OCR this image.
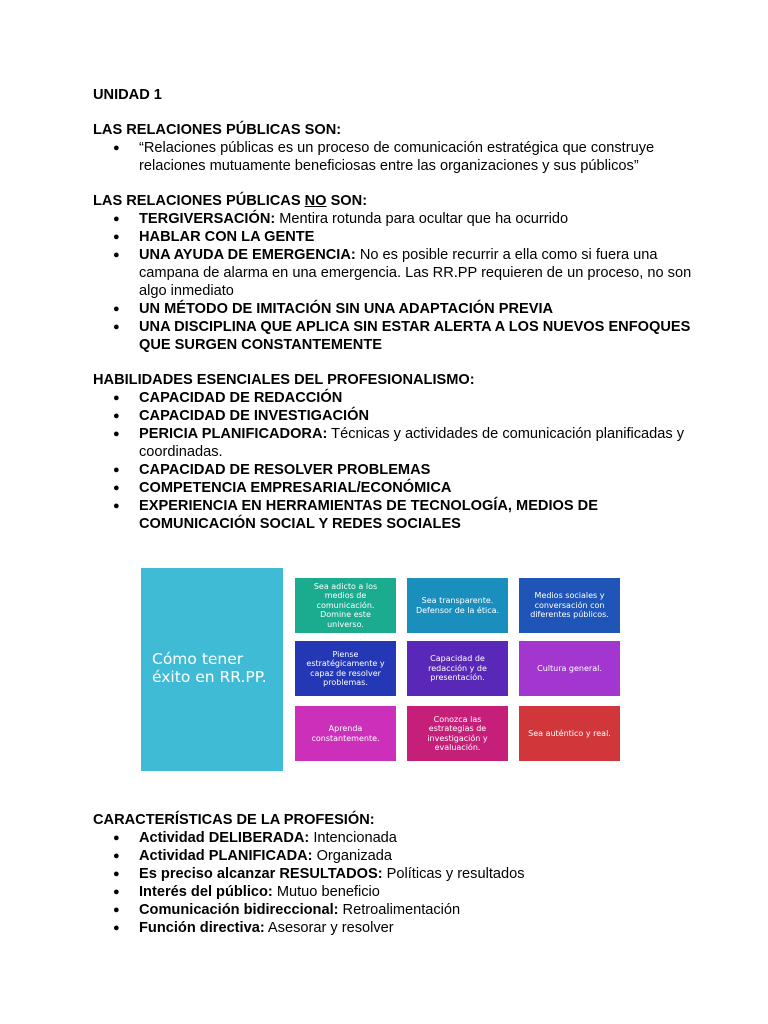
UNIDAD 1
LAS RELACIONES PÚBLICAS SON:
● “Relaciones públicas es un proceso de comunicación estratégica que construye relaciones mutuamente beneficiosas entre las organizaciones y sus públicos”
LAS RELACIONES PÚBLICAS NO SON:
● TERGIVERSACIÓN: Mentira rotunda para ocultar que ha ocurrido
● HABLAR CON LA GENTE
● UNA AYUDA DE EMERGENCIA: No es posible recurrir a ella como si fuera una campana de alarma en una emergencia. Las RR.PP requieren de un proceso, no son algo inmediato
● UN MÉTODO DE IMITACIÓN SIN UNA ADAPTACIÓN PREVIA
● UNA DISCIPLINA QUE APLICA SIN ESTAR ALERTA A LOS NUEVOS ENFOQUES QUE SURGEN CONSTANTEMENTE
HABILIDADES ESENCIALES DEL PROFESIONALISMO:
● CAPACIDAD DE REDACCIÓN
● CAPACIDAD DE INVESTIGACIÓN
● PERICIA PLANIFICADORA: Técnicas y actividades de comunicación planificadas y coordinadas.
● CAPACIDAD DE RESOLVER PROBLEMAS
● COMPETENCIA EMPRESARIAL/ECONÓMICA
● EXPERIENCIA EN HERRAMIENTAS DE TECNOLOGÍA, MEDIOS DE COMUNICACIÓN SOCIAL Y REDES SOCIALES
Cómo tener
éxito en RR.PP.
Sea adicto a los medios de comunicación. Domine este universo.
Sea transparente. Defensor de la ética.
Medios sociales y conversación con diferentes públicos.
Piense estratégicamente y capaz de resolver problemas.
Capacidad de redacción y de presentación.
Cultura general.
Aprenda constantemente.
Conozca las estrategias de investigación y evaluación.
Sea auténtico y real.
CARACTERÍSTICAS DE LA PROFESIÓN:
● Actividad DELIBERADA: Intencionada
● Actividad PLANIFICADA: Organizada
● Es preciso alcanzar RESULTADOS: Políticas y resultados
● Interés del público: Mutuo beneficio
● Comunicación bidireccional: Retroalimentación
● Función directiva: Asesorar y resolver
